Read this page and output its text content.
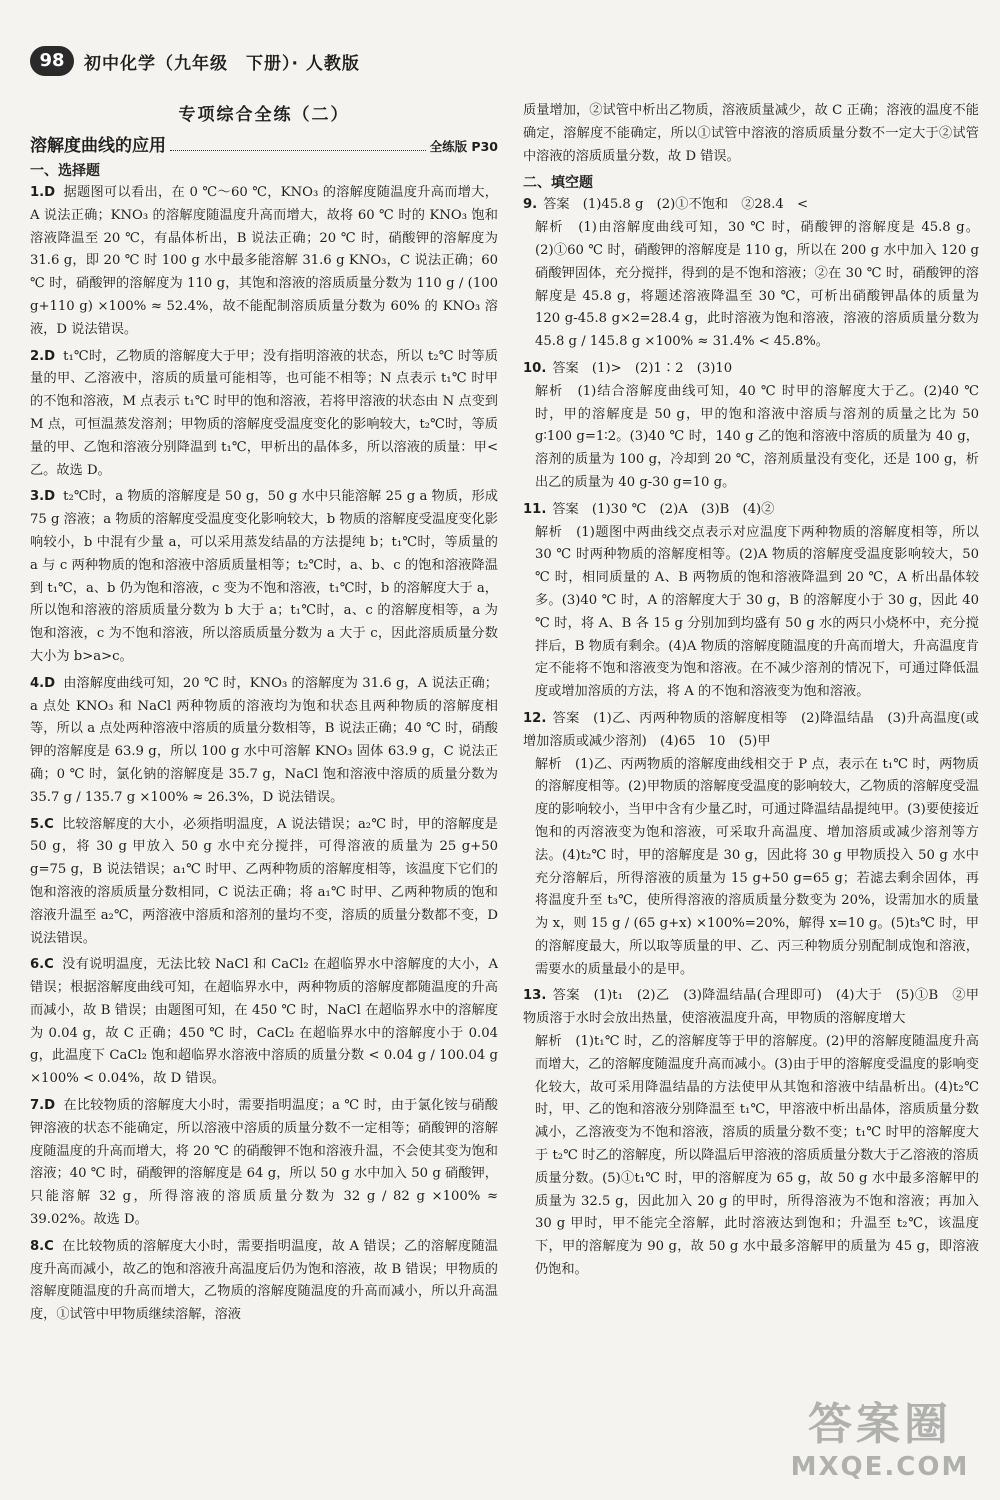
98	初中化学（九年级　下册）· 人教版
专项综合全练（二）
溶解度曲线的应用	全练版 P30
一、选择题

1.D 据题图可以看出，在 0 ℃～60 ℃，KNO₃ 的溶解度随温度升高而增大，A 说法正确；KNO₃ 的溶解度随温度升高而增大，故将 60 ℃ 时的 KNO₃ 饱和溶液降温至 20 ℃，有晶体析出，B 说法正确；20 ℃ 时，硝酸钾的溶解度为 31.6 g，即 20 ℃ 时 100 g 水中最多能溶解 31.6 g KNO₃，C 说法正确；60 ℃ 时，硝酸钾的溶解度为 110 g，其饱和溶液的溶质质量分数为 110 g / (100 g+110 g) ×100% ≈ 52.4%，故不能配制溶质质量分数为 60% 的 KNO₃ 溶液，D 说法错误。

2.D t₁℃时，乙物质的溶解度大于甲；没有指明溶液的状态，所以 t₂℃ 时等质量的甲、乙溶液中，溶质的质量可能相等，也可能不相等；N 点表示 t₁℃ 时甲的不饱和溶液，M 点表示 t₁℃ 时甲的饱和溶液，若将甲溶液的状态由 N 点变到 M 点，可恒温蒸发溶剂；甲物质的溶解度受温度变化的影响较大，t₂℃时，等质量的甲、乙饱和溶液分别降温到 t₁℃，甲析出的晶体多，所以溶液的质量：甲<乙。故选 D。

3.D t₂℃时，a 物质的溶解度是 50 g，50 g 水中只能溶解 25 g a 物质，形成 75 g 溶液；a 物质的溶解度受温度变化影响较大，b 物质的溶解度受温度变化影响较小，b 中混有少量 a，可以采用蒸发结晶的方法提纯 b；t₁℃时，等质量的 a 与 c 两种物质的饱和溶液中溶质质量相等；t₂℃时，a、b、c 的饱和溶液降温到 t₁℃，a、b 仍为饱和溶液，c 变为不饱和溶液，t₁℃时，b 的溶解度大于 a，所以饱和溶液的溶质质量分数为 b 大于 a；t₁℃时，a、c 的溶解度相等，a 为饱和溶液，c 为不饱和溶液，所以溶质质量分数为 a 大于 c，因此溶质质量分数大小为 b>a>c。

4.D 由溶解度曲线可知，20 ℃ 时，KNO₃ 的溶解度为 31.6 g，A 说法正确；a 点处 KNO₃ 和 NaCl 两种物质的溶液均为饱和状态且两种物质的溶解度相等，所以 a 点处两种溶液中溶质的质量分数相等，B 说法正确；40 ℃ 时，硝酸钾的溶解度是 63.9 g，所以 100 g 水中可溶解 KNO₃ 固体 63.9 g，C 说法正确；0 ℃ 时，氯化钠的溶解度是 35.7 g，NaCl 饱和溶液中溶质的质量分数为 35.7 g / 135.7 g ×100% ≈ 26.3%，D 说法错误。

5.C 比较溶解度的大小，必须指明温度，A 说法错误；a₂℃ 时，甲的溶解度是 50 g，将 30 g 甲放入 50 g 水中充分搅拌，可得溶液的质量为 25 g+50 g=75 g，B 说法错误；a₁℃ 时甲、乙两种物质的溶解度相等，该温度下它们的饱和溶液的溶质质量分数相同，C 说法正确；将 a₁℃ 时甲、乙两种物质的饱和溶液升温至 a₂℃，两溶液中溶质和溶剂的量均不变，溶质的质量分数都不变，D 说法错误。

6.C 没有说明温度，无法比较 NaCl 和 CaCl₂ 在超临界水中溶解度的大小，A 错误；根据溶解度曲线可知，在超临界水中，两种物质的溶解度都随温度的升高而减小，故 B 错误；由题图可知，在 450 ℃ 时，NaCl 在超临界水中的溶解度为 0.04 g，故 C 正确；450 ℃ 时，CaCl₂ 在超临界水中的溶解度小于 0.04 g，此温度下 CaCl₂ 饱和超临界水溶液中溶质的质量分数 < 0.04 g / 100.04 g ×100% < 0.04%，故 D 错误。

7.D 在比较物质的溶解度大小时，需要指明温度；a ℃ 时，由于氯化铵与硝酸钾溶液的状态不能确定，所以溶液中溶质的质量分数不一定相等；硝酸钾的溶解度随温度的升高而增大，将 20 ℃ 的硝酸钾不饱和溶液升温，不会使其变为饱和溶液；40 ℃ 时，硝酸钾的溶解度是 64 g，所以 50 g 水中加入 50 g 硝酸钾，只能溶解 32 g，所得溶液的溶质质量分数为 32 g / 82 g ×100% ≈ 39.02%。故选 D。

8.C 在比较物质的溶解度大小时，需要指明温度，故 A 错误；乙的溶解度随温度升高而减小，故乙的饱和溶液升高温度后仍为饱和溶液，故 B 错误；甲物质的溶解度随温度的升高而增大，乙物质的溶解度随温度的升高而减小，所以升高温度，①试管中甲物质继续溶解，溶液

质量增加，②试管中析出乙物质，溶液质量减少，故 C 正确；溶液的温度不能确定，溶解度不能确定，所以①试管中溶液的溶质质量分数不一定大于②试管中溶液的溶质质量分数，故 D 错误。

二、填空题

9. 答案　(1)45.8 g　(2)①不饱和　②28.4　<

解析　(1)由溶解度曲线可知，30 ℃ 时，硝酸钾的溶解度是 45.8 g。(2)①60 ℃ 时，硝酸钾的溶解度是 110 g，所以在 200 g 水中加入 120 g 硝酸钾固体，充分搅拌，得到的是不饱和溶液；②在 30 ℃ 时，硝酸钾的溶解度是 45.8 g，将题述溶液降温至 30 ℃，可析出硝酸钾晶体的质量为 120 g-45.8 g×2=28.4 g，此时溶液为饱和溶液，溶液的溶质质量分数为 45.8 g / 145.8 g ×100% ≈ 31.4% < 45.8%。

10. 答案　(1)>　(2)1∶2　(3)10

解析　(1)结合溶解度曲线可知，40 ℃ 时甲的溶解度大于乙。(2)40 ℃ 时，甲的溶解度是 50 g，甲的饱和溶液中溶质与溶剂的质量之比为 50 g∶100 g=1∶2。(3)40 ℃ 时，140 g 乙的饱和溶液中溶质的质量为 40 g，溶剂的质量为 100 g，冷却到 20 ℃，溶剂质量没有变化，还是 100 g，析出乙的质量为 40 g-30 g=10 g。

11. 答案　(1)30 ℃　(2)A　(3)B　(4)②

解析　(1)题图中两曲线交点表示对应温度下两种物质的溶解度相等，所以 30 ℃ 时两种物质的溶解度相等。(2)A 物质的溶解度受温度影响较大，50 ℃ 时，相同质量的 A、B 两物质的饱和溶液降温到 20 ℃，A 析出晶体较多。(3)40 ℃ 时，A 的溶解度大于 30 g，B 的溶解度小于 30 g，因此 40 ℃ 时，将 A、B 各 15 g 分别加到均盛有 50 g 水的两只小烧杯中，充分搅拌后，B 物质有剩余。(4)A 物质的溶解度随温度的升高而增大，升高温度肯定不能将不饱和溶液变为饱和溶液。在不减少溶剂的情况下，可通过降低温度或增加溶质的方法，将 A 的不饱和溶液变为饱和溶液。

12. 答案　(1)乙、丙两种物质的溶解度相等　(2)降温结晶　(3)升高温度(或增加溶质或减少溶剂)　(4)65　10　(5)甲

解析　(1)乙、丙两物质的溶解度曲线相交于 P 点，表示在 t₁℃ 时，两物质的溶解度相等。(2)甲物质的溶解度受温度的影响较大，乙物质的溶解度受温度的影响较小，当甲中含有少量乙时，可通过降温结晶提纯甲。(3)要使接近饱和的丙溶液变为饱和溶液，可采取升高温度、增加溶质或减少溶剂等方法。(4)t₂℃ 时，甲的溶解度是 30 g，因此将 30 g 甲物质投入 50 g 水中充分溶解后，所得溶液的质量为 15 g+50 g=65 g；若滤去剩余固体，再将温度升至 t₃℃，使所得溶液的溶质质量分数变为 20%，设需加水的质量为 x，则 15 g / (65 g+x) ×100%=20%，解得 x=10 g。(5)t₃℃ 时，甲的溶解度最大，所以取等质量的甲、乙、丙三种物质分别配制成饱和溶液，需要水的质量最小的是甲。

13. 答案　(1)t₁　(2)乙　(3)降温结晶(合理即可)　(4)大于　(5)①B　②甲物质溶于水时会放出热量，使溶液温度升高，甲物质的溶解度增大

解析　(1)t₁℃ 时，乙的溶解度等于甲的溶解度。(2)甲的溶解度随温度升高而增大，乙的溶解度随温度升高而减小。(3)由于甲的溶解度受温度的影响变化较大，故可采用降温结晶的方法使甲从其饱和溶液中结晶析出。(4)t₂℃ 时，甲、乙的饱和溶液分别降温至 t₁℃，甲溶液中析出晶体，溶质质量分数减小，乙溶液变为不饱和溶液，溶质的质量分数不变；t₁℃ 时甲的溶解度大于 t₂℃ 时乙的溶解度，所以降温后甲溶液的溶质质量分数大于乙溶液的溶质质量分数。(5)①t₁℃ 时，甲的溶解度为 65 g，故 50 g 水中最多溶解甲的质量为 32.5 g，因此加入 20 g 的甲时，所得溶液为不饱和溶液；再加入 30 g 甲时，甲不能完全溶解，此时溶液达到饱和；升温至 t₂℃，该温度下，甲的溶解度为 90 g，故 50 g 水中最多溶解甲的质量为 45 g，即溶液仍饱和。

答案圈
MXQE.COM
